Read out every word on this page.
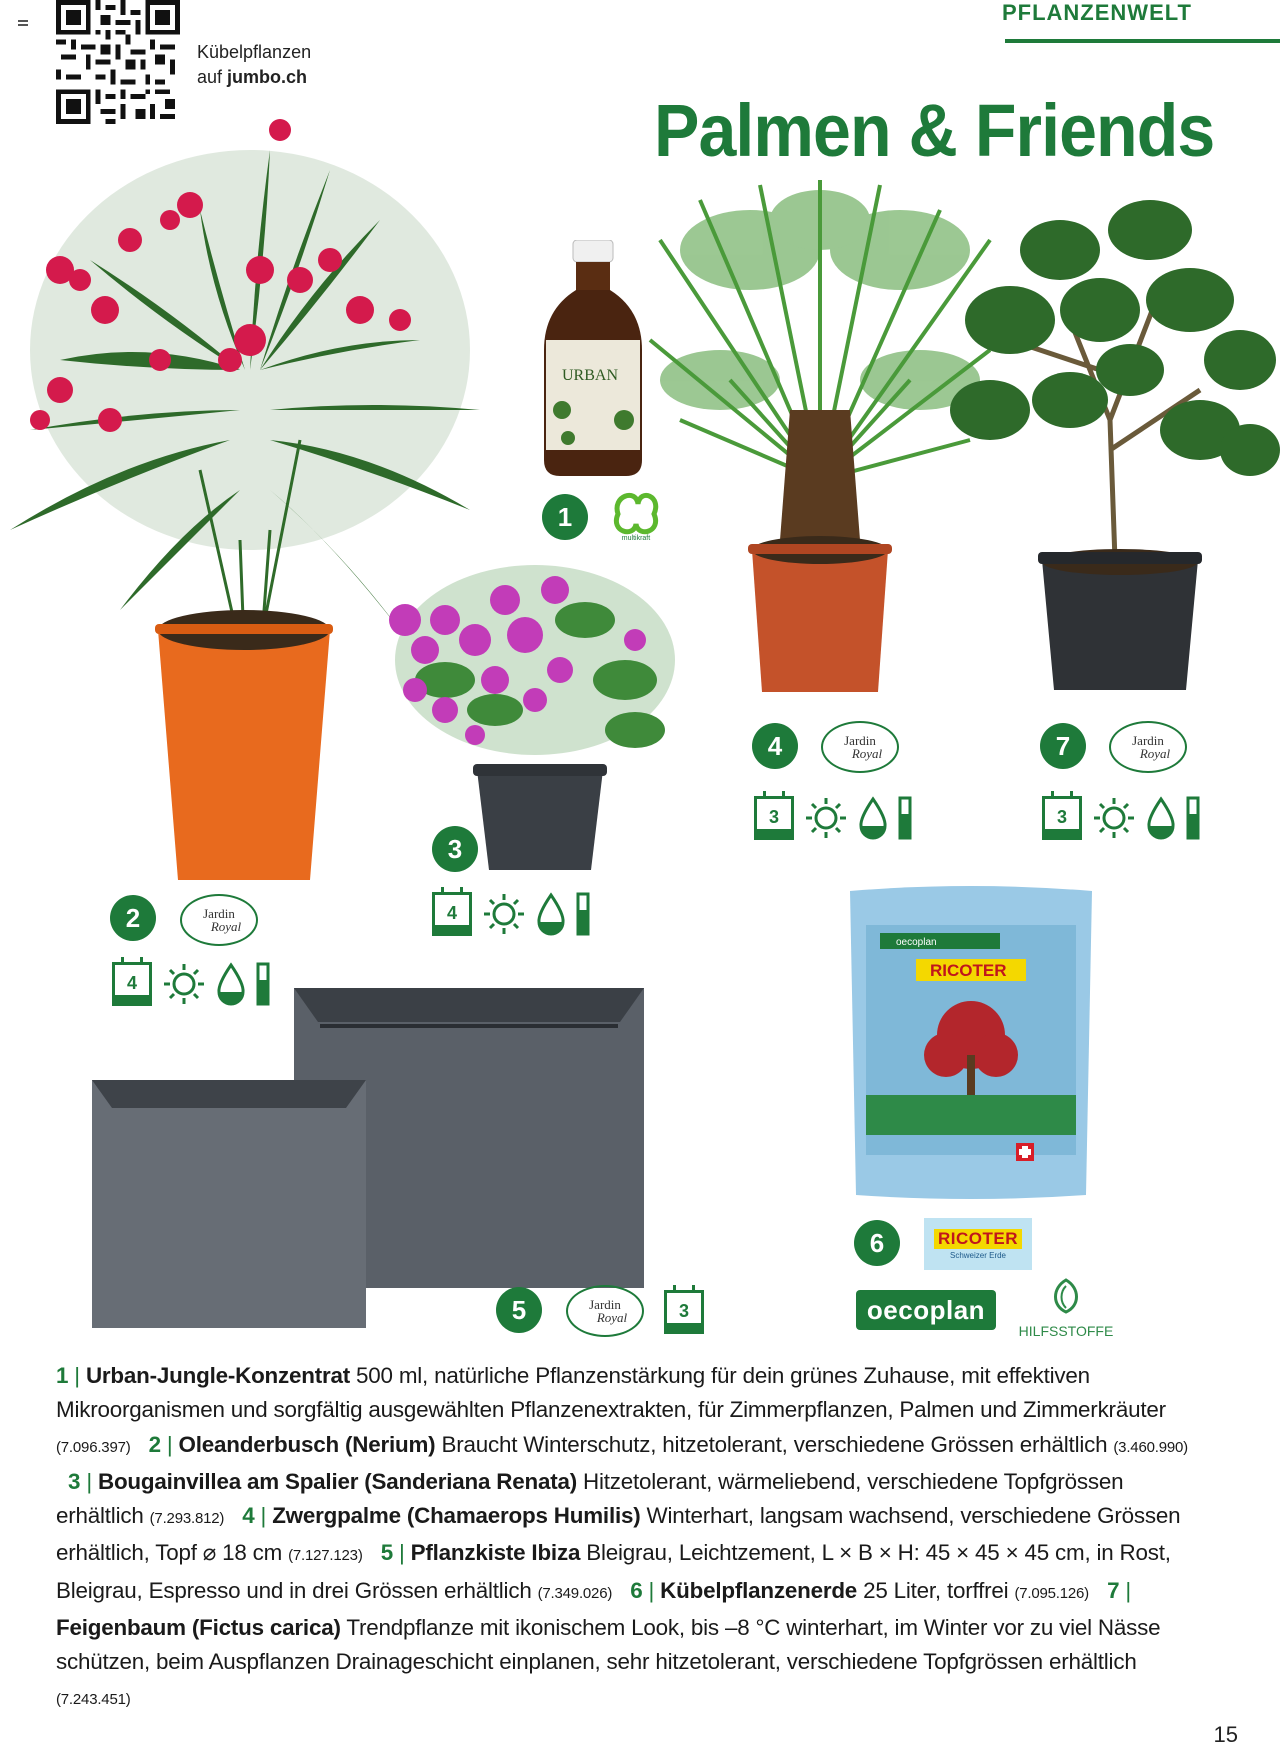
Kübelpflanzen
auf jumbo.ch
PFLANZENWELT
Palmen & Friends
URBAN
multikraft
oecoplan
RICOTER
1
2
3
4
5
6
7
Jardin
Royal
Jardin
Royal
Jardin
Royal
Jardin
Royal
4
4
3	3
3
RICOTER
Schweizer Erde
oecoplan
HILFSSTOFFE
1 | Urban-Jungle-Konzentrat 500 ml, natürliche Pflanzenstärkung für dein grünes Zuhause, mit effektiven Mikroorganismen und sorgfältig ausgewählten Pflanzenextrakten, für Zimmerpflanzen, Palmen und Zimmerkräuter (7.096.397) 2 | Oleanderbusch (Nerium) Braucht Winterschutz, hitzetolerant, verschiedene Grössen erhältlich (3.460.990)   3 | Bougainvillea am Spalier (Sanderiana Renata) Hitzetolerant, wärmeliebend, verschiedene Topfgrössen erhältlich (7.293.812) 4 | Zwergpalme (Chamaerops Humilis) Winterhart, langsam wachsend, verschiedene Grössen erhältlich, Topf ⌀ 18 cm (7.127.123) 5 | Pflanzkiste Ibiza Bleigrau, Leichtzement, L × B × H: 45 × 45 × 45 cm, in Rost, Bleigrau, Espresso und in drei Grössen erhältlich (7.349.026) 6 | Kübelpflanzenerde 25 Liter, torffrei (7.095.126) 7 | Feigenbaum (Fictus carica) Trendpflanze mit ikonischem Look, bis –8 °C winterhart, im Winter vor zu viel Nässe schützen, beim Auspflanzen Drainageschicht einplanen, sehr hitzetolerant, verschiedene Topfgrössen erhältlich (7.243.451)
15
